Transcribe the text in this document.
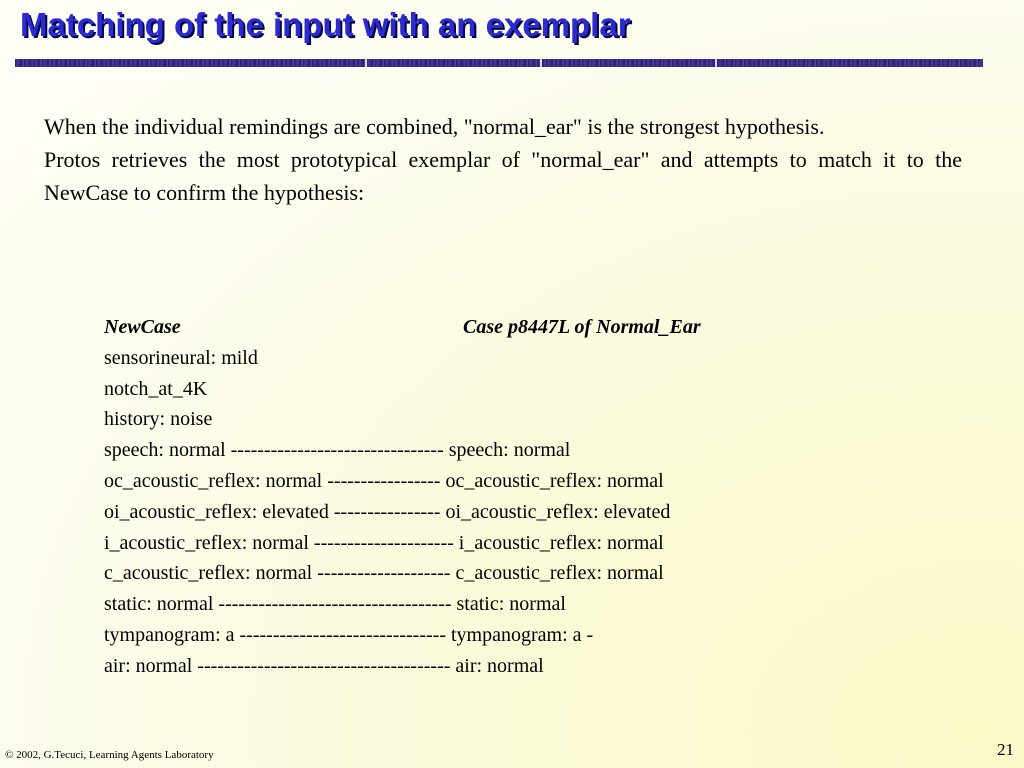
Matching of the input with an exemplar

When the individual remindings are combined, "normal_ear" is the strongest hypothesis.

Protos retrieves the most prototypical exemplar of "normal_ear" and attempts to match it to the NewCase to confirm the hypothesis:

NewCase	Case p8447L of Normal_Ear
sensorineural: mild
notch_at_4K
history: noise
speech: normal -------------------------------- speech: normal
oc_acoustic_reflex: normal ----------------- oc_acoustic_reflex: normal
oi_acoustic_reflex: elevated ---------------- oi_acoustic_reflex: elevated
i_acoustic_reflex: normal --------------------- i_acoustic_reflex: normal
c_acoustic_reflex: normal -------------------- c_acoustic_reflex: normal
static: normal ----------------------------------- static: normal
tympanogram: a ------------------------------- tympanogram: a -
air: normal -------------------------------------- air: normal
© 2002, G.Tecuci, Learning Agents Laboratory	21
